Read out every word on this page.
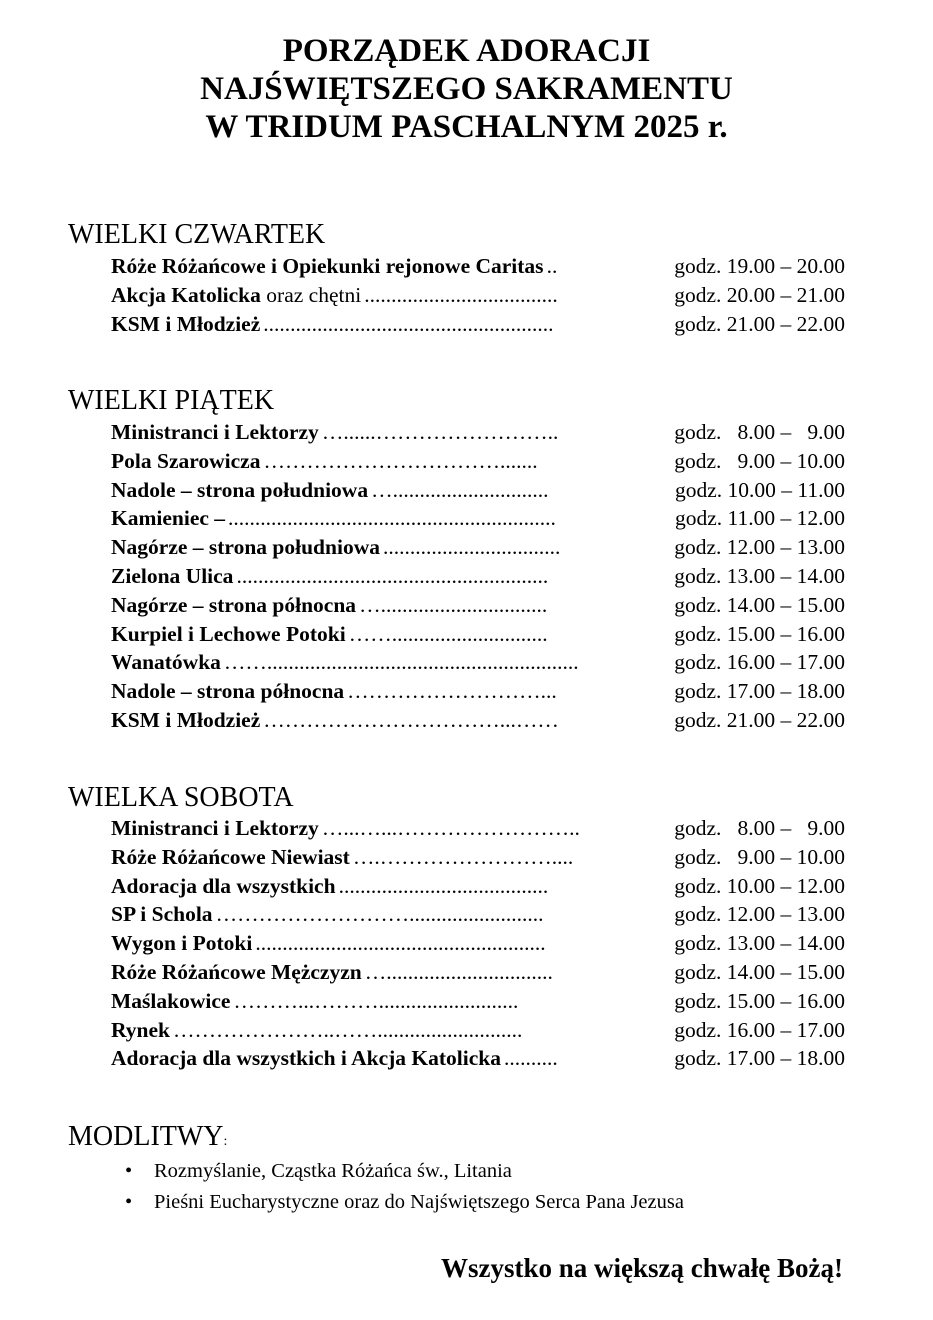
PORZĄDEK ADORACJI
NAJŚWIĘTSZEGO SAKRAMENTU
W TRIDUM PASCHALNYM 2025 r.
WIELKI CZWARTEK
Róże Różańcowe i Opiekunki rejonowe Caritas ..	godz. 19.00 – 20.00
Akcja Katolicka oraz chętni ....................................	godz. 20.00 – 21.00
KSM i Młodzież ......................................................	godz. 21.00 – 22.00
WIELKI PIĄTEK
Ministranci i Lektorzy …......……………………..	godz.   8.00 –   9.00
Pola Szarowicza …………………………….......	godz.   9.00 – 10.00
Nadole – strona południowa ….............................	godz. 10.00 – 11.00
Kamieniec – .............................................................	godz. 11.00 – 12.00
Nagórze – strona południowa .................................	godz. 12.00 – 13.00
Zielona Ulica ..........................................................	godz. 13.00 – 14.00
Nagórze – strona północna …...............................	godz. 14.00 – 15.00
Kurpiel i Lechowe Potoki …….............................	godz. 15.00 – 16.00
Wanatówka ……..........................................................	godz. 16.00 – 17.00
Nadole – strona północna ………………………...	godz. 17.00 – 18.00
KSM i Młodzież ……………………………...……	godz. 21.00 – 22.00
WIELKA SOBOTA
Ministranci i Lektorzy …...…...……………………..	godz.   8.00 –   9.00
Róże Różańcowe Niewiast ….……………………....	godz.   9.00 – 10.00
Adoracja dla wszystkich .......................................	godz. 10.00 – 12.00
SP i Schola ……………………….........................	godz. 12.00 – 13.00
Wygon i Potoki ......................................................	godz. 13.00 – 14.00
Róże Różańcowe Mężczyzn …...............................	godz. 14.00 – 15.00
Maślakowice ………...………..........................	godz. 15.00 – 16.00
Rynek …………………..……...........................	godz. 16.00 – 17.00
Adoracja dla wszystkich i Akcja Katolicka ..........	godz. 17.00 – 18.00
MODLITWY:
• Rozmyślanie, Cząstka Różańca św., Litania
• Pieśni Eucharystyczne oraz do Najświętszego Serca Pana Jezusa
Wszystko na większą chwałę Bożą!
